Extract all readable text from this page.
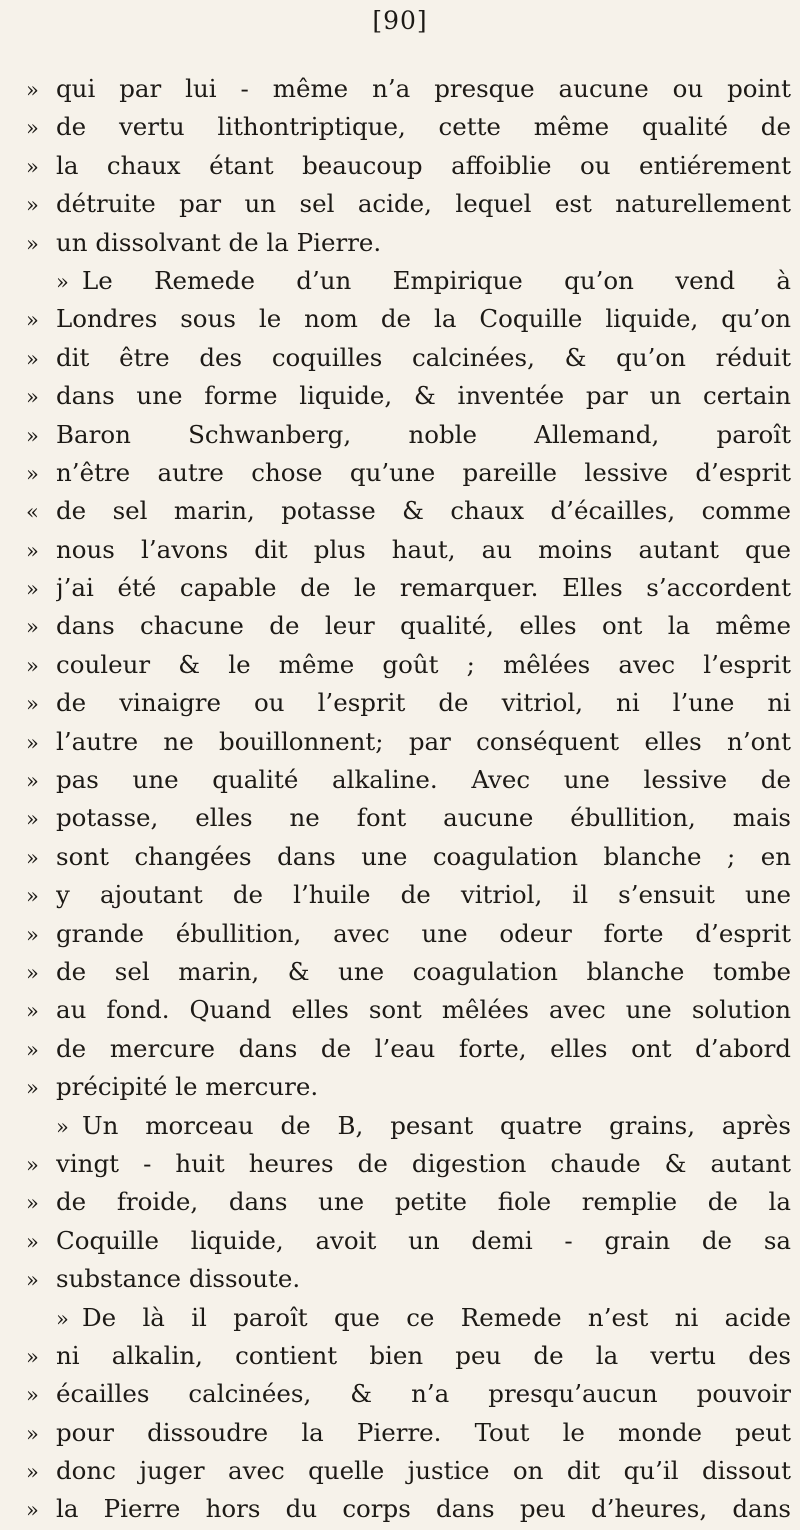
[90]
» qui par lui - même n’a presque aucune ou point
» de vertu lithontriptique, cette même qualité de
» la chaux étant beaucoup affoiblie ou entiérement
» détruite par un sel acide, lequel est naturellement
» un dissolvant de la Pierre.
» Le Remede d’un Empirique qu’on vend à
» Londres sous le nom de la Coquille liquide, qu’on
» dit être des coquilles calcinées, & qu’on réduit
» dans une forme liquide, & inventée par un certain
» Baron Schwanberg, noble Allemand, paroît
» n’être autre chose qu’une pareille lessive d’esprit
« de sel marin, potasse & chaux d’écailles, comme
» nous l’avons dit plus haut, au moins autant que
» j’ai été capable de le remarquer. Elles s’accordent
» dans chacune de leur qualité, elles ont la même
» couleur & le même goût ; mêlées avec l’esprit
» de vinaigre ou l’esprit de vitriol, ni l’une ni
» l’autre ne bouillonnent; par conséquent elles n’ont
» pas une qualité alkaline. Avec une lessive de
» potasse, elles ne font aucune ébullition, mais
» sont changées dans une coagulation blanche ; en
» y ajoutant de l’huile de vitriol, il s’ensuit une
» grande ébullition, avec une odeur forte d’esprit
» de sel marin, & une coagulation blanche tombe
» au fond. Quand elles sont mêlées avec une solution
» de mercure dans de l’eau forte, elles ont d’abord
» précipité le mercure.
» Un morceau de B, pesant quatre grains, après
» vingt - huit heures de digestion chaude & autant
» de froide, dans une petite fiole remplie de la
» Coquille liquide, avoit un demi - grain de sa
» substance dissoute.
» De là il paroît que ce Remede n’est ni acide
» ni alkalin, contient bien peu de la vertu des
» écailles calcinées, & n’a presqu’aucun pouvoir
» pour dissoudre la Pierre. Tout le monde peut
» donc juger avec quelle justice on dit qu’il dissout
» la Pierre hors du corps dans peu d’heures, dans
